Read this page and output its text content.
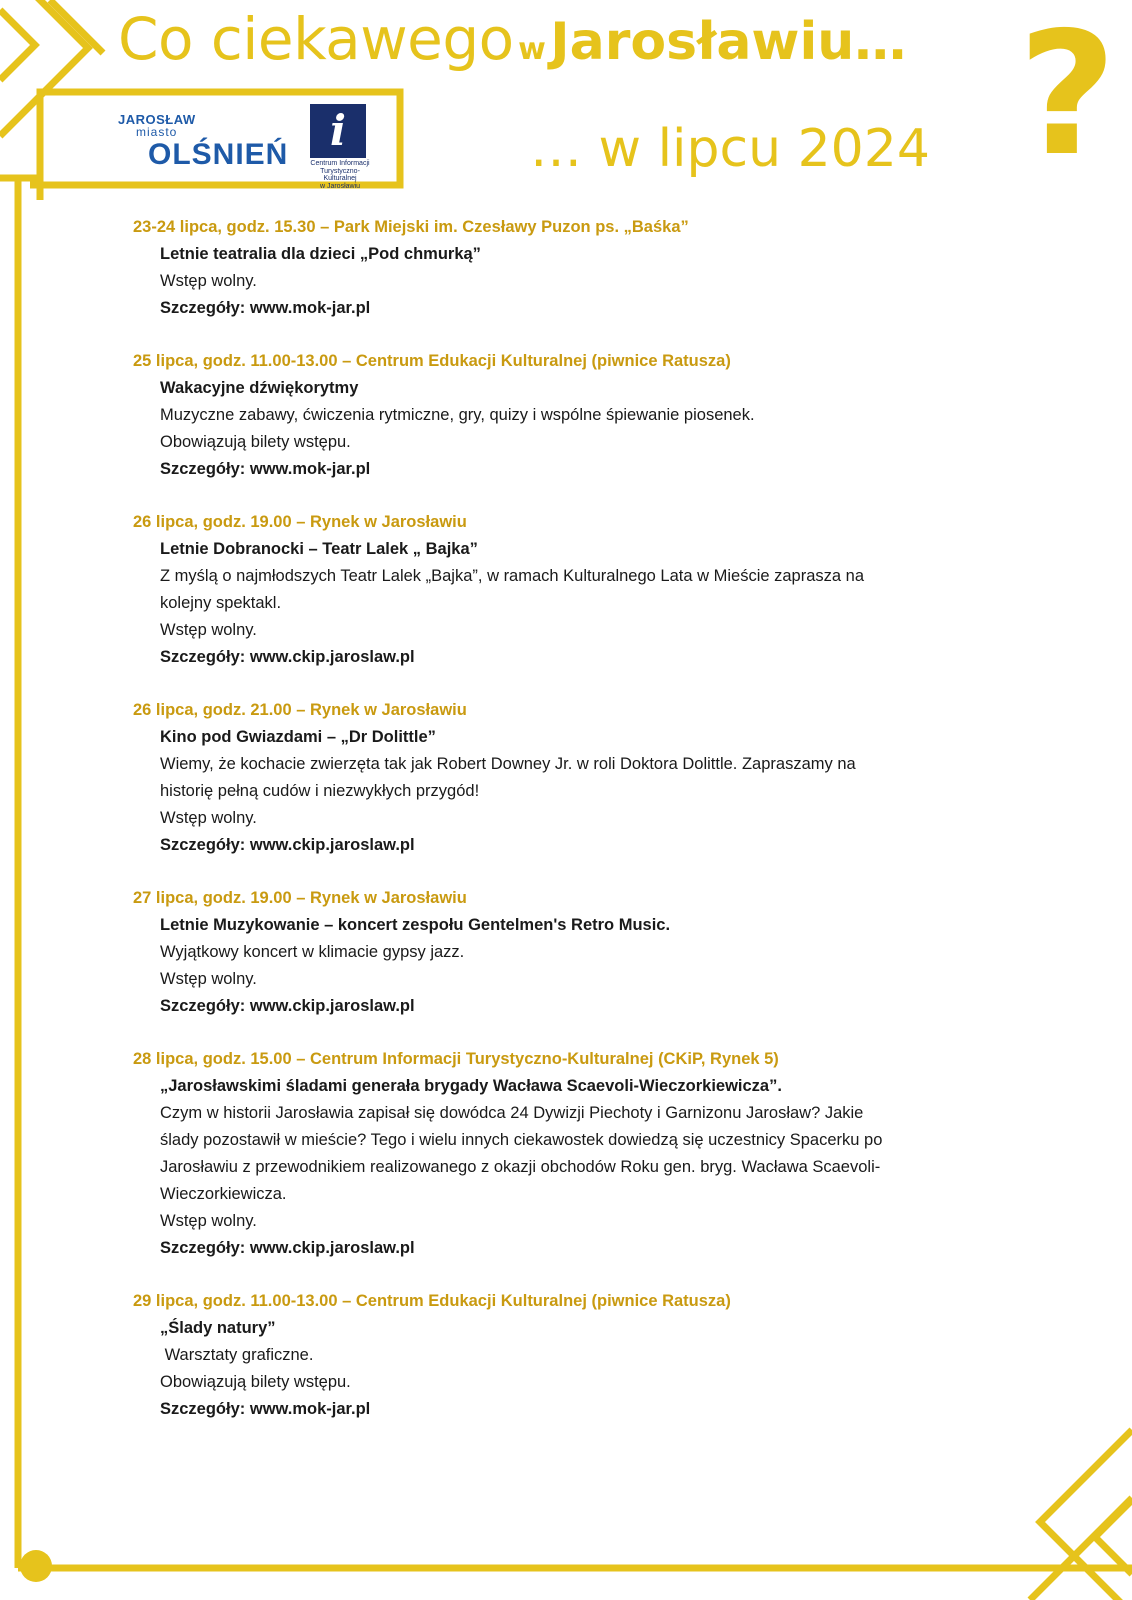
Co ciekawego w Jarosławiu…
… w lipcu 2024 ?
JAROSŁAW
miasto
OLŚNIEŃ i
Centrum Informacji
Turystyczno-Kulturalnej
w Jarosławiu
23-24 lipca, godz. 15.30 – Park Miejski im. Czesławy Puzon ps. „Baśka”
Letnie teatralia dla dzieci „Pod chmurką”
Wstęp wolny.
Szczegóły: www.mok-jar.pl
25 lipca, godz. 11.00-13.00 – Centrum Edukacji Kulturalnej (piwnice Ratusza)
Wakacyjne dźwiękorytmy
Muzyczne zabawy, ćwiczenia rytmiczne, gry, quizy i wspólne śpiewanie piosenek.
Obowiązują bilety wstępu.
Szczegóły: www.mok-jar.pl
26 lipca, godz. 19.00 – Rynek w Jarosławiu
Letnie Dobranocki – Teatr Lalek „ Bajka”
Z myślą o najmłodszych Teatr Lalek „Bajka”, w ramach Kulturalnego Lata w Mieście zaprasza na
kolejny spektakl.
Wstęp wolny.
Szczegóły: www.ckip.jaroslaw.pl
26 lipca, godz. 21.00 – Rynek w Jarosławiu
Kino pod Gwiazdami – „Dr Dolittle”
Wiemy, że kochacie zwierzęta tak jak Robert Downey Jr. w roli Doktora Dolittle. Zapraszamy na
historię pełną cudów i niezwykłych przygód!
Wstęp wolny.
Szczegóły: www.ckip.jaroslaw.pl
27 lipca, godz. 19.00 – Rynek w Jarosławiu
Letnie Muzykowanie – koncert zespołu Gentelmen's Retro Music.
Wyjątkowy koncert w klimacie gypsy jazz.
Wstęp wolny.
Szczegóły: www.ckip.jaroslaw.pl
28 lipca, godz. 15.00 – Centrum Informacji Turystyczno-Kulturalnej (CKiP, Rynek 5)
„Jarosławskimi śladami generała brygady Wacława Scaevoli-Wieczorkiewicza”.
Czym w historii Jarosławia zapisał się dowódca 24 Dywizji Piechoty i Garnizonu Jarosław? Jakie
ślady pozostawił w mieście? Tego i wielu innych ciekawostek dowiedzą się uczestnicy Spacerku po
Jarosławiu z przewodnikiem realizowanego z okazji obchodów Roku gen. bryg. Wacława Scaevoli-
Wieczorkiewicza.
Wstęp wolny.
Szczegóły: www.ckip.jaroslaw.pl
29 lipca, godz. 11.00-13.00 – Centrum Edukacji Kulturalnej (piwnice Ratusza)
„Ślady natury”
Warsztaty graficzne.
Obowiązują bilety wstępu.
Szczegóły: www.mok-jar.pl
